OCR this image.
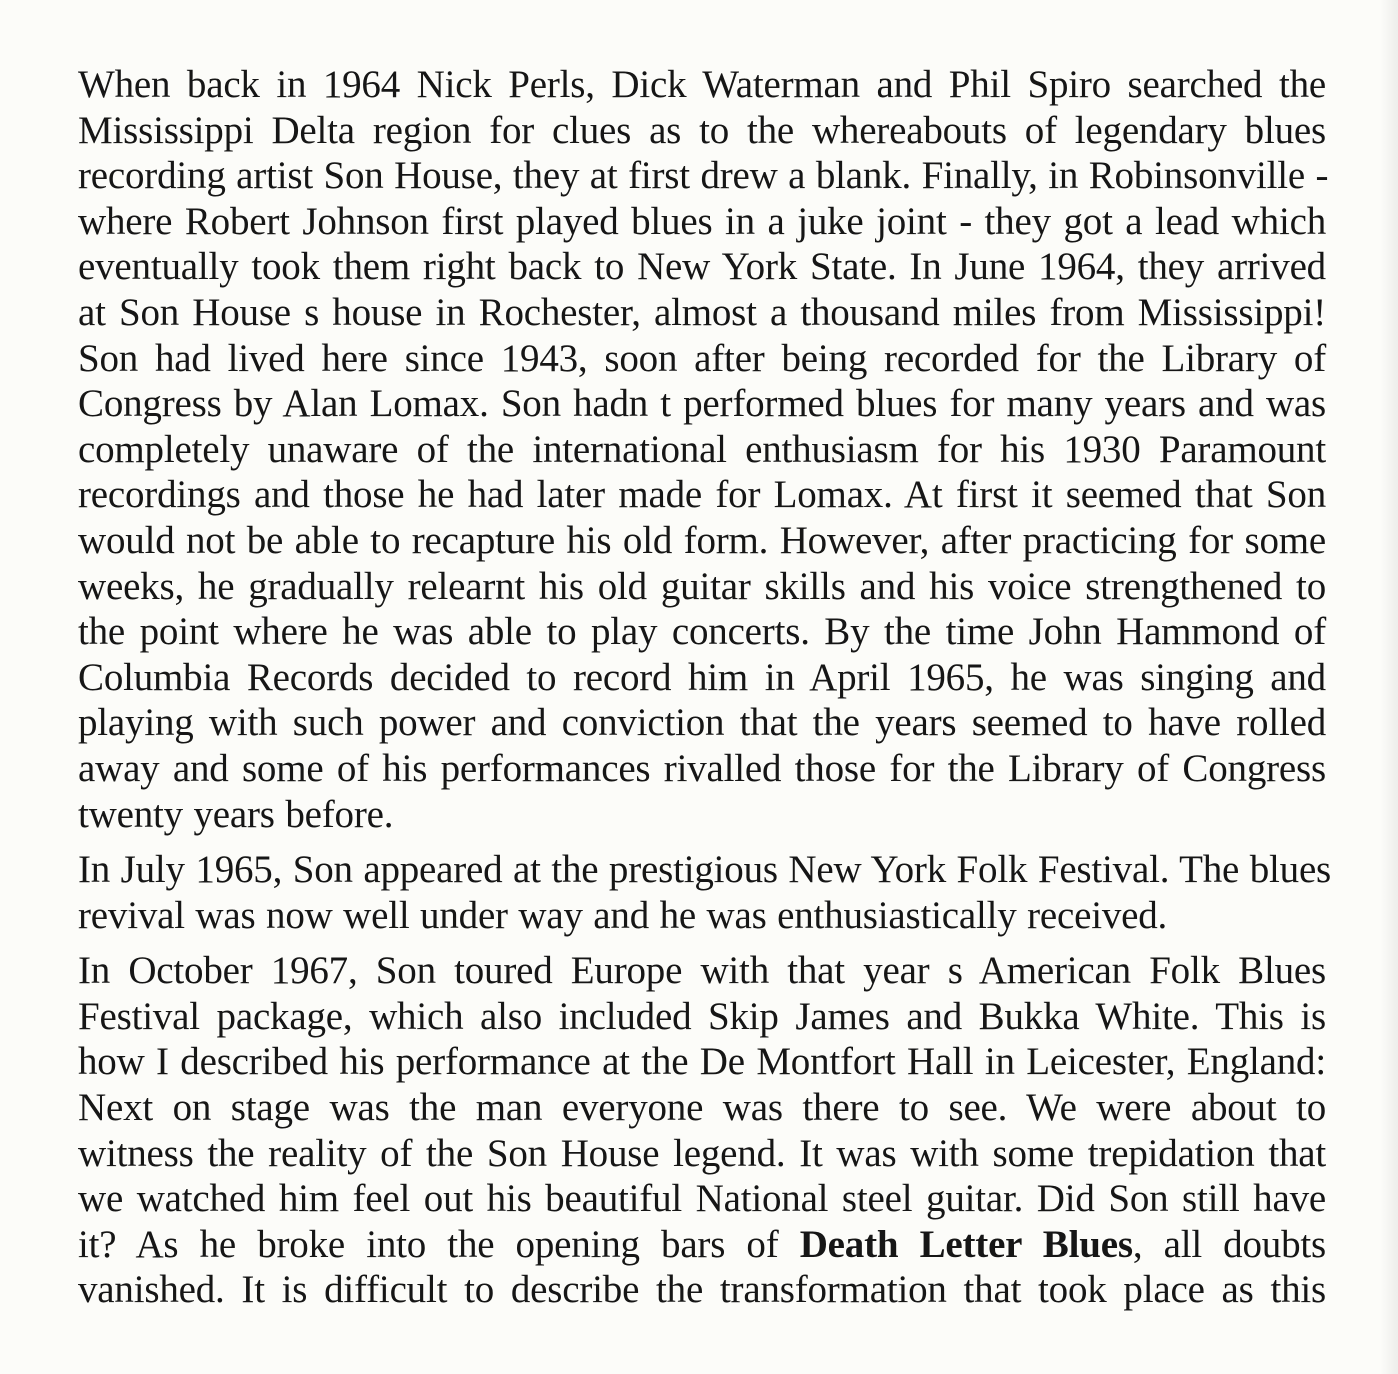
When back in 1964 Nick Perls, Dick Waterman and Phil Spiro searched the
Mississippi Delta region for clues as to the whereabouts of legendary blues
recording artist Son House, they at first drew a blank. Finally, in Robinsonville -
where Robert Johnson first played blues in a juke joint - they got a lead which
eventually took them right back to New York State. In June 1964, they arrived
at Son House s house in Rochester, almost a thousand miles from Mississippi!
Son had lived here since 1943, soon after being recorded for the Library of
Congress by Alan Lomax. Son hadn t performed blues for many years and was
completely unaware of the international enthusiasm for his 1930 Paramount
recordings and those he had later made for Lomax. At first it seemed that Son
would not be able to recapture his old form. However, after practicing for some
weeks, he gradually relearnt his old guitar skills and his voice strengthened to
the point where he was able to play concerts. By the time John Hammond of
Columbia Records decided to record him in April 1965, he was singing and
playing with such power and conviction that the years seemed to have rolled
away and some of his performances rivalled those for the Library of Congress
twenty years before.
In July 1965, Son appeared at the prestigious New York Folk Festival. The blues
revival was now well under way and he was enthusiastically received.
In October 1967, Son toured Europe with that year s American Folk Blues
Festival package, which also included Skip James and Bukka White. This is
how I described his performance at the De Montfort Hall in Leicester, England:
Next on stage was the man everyone was there to see. We were about to
witness the reality of the Son House legend. It was with some trepidation that
we watched him feel out his beautiful National steel guitar. Did Son still have
it? As he broke into the opening bars of Death Letter Blues, all doubts
vanished. It is difficult to describe the transformation that took place as this
